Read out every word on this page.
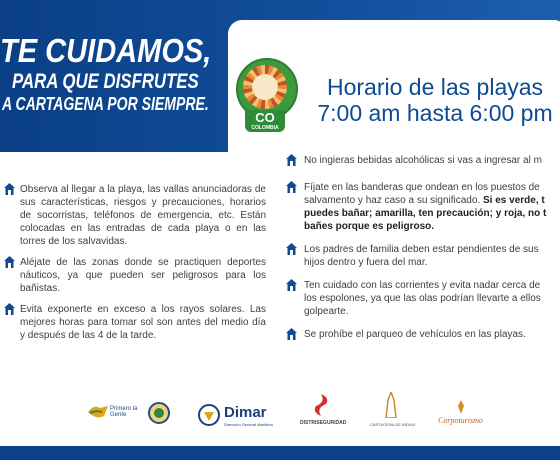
TE CUIDAMOS,
PARA QUE DISFRUTES
A CARTAGENA POR SIEMPRE.
CO
COLOMBIA
Horario de las playas
7:00 am hasta 6:00 pm
Observa al llegar a la playa, las vallas anunciadoras de sus características, riesgos y precauciones, horarios de socorristas, teléfonos de emergencia, etc. Están colocadas en las entradas de cada playa o en las torres de los salvavidas.
Aléjate de las zonas donde se practiquen deportes náuticos, ya que pueden ser peligrosos para los bañistas.
Evita exponerte en exceso a los rayos solares. Las mejores horas para tomar sol son antes del medio día y después de las 4 de la tarde.
No ingieras bebidas alcohólicas si vas a ingresar al m
Fíjate en las banderas que ondean en los puestos de
salvamento y haz caso a su significado. Si es verde, t
puedes bañar; amarilla, ten precaución; y roja, no t
bañes porque es peligroso.
Los padres de familia deben estar pendientes de sus
hijos dentro y fuera del mar.
Ten cuidado con las corrientes y evita nadar cerca de
los espolones, ya que las olas podrían llevarte a ellos
golpearte.
Se prohíbe el parqueo de vehículos en las playas.
Primero la Gente	Dimar
Dirección General Marítima	DISTRISEGURIDAD	CARTAGENA DE INDIAS	Corpoturismo
